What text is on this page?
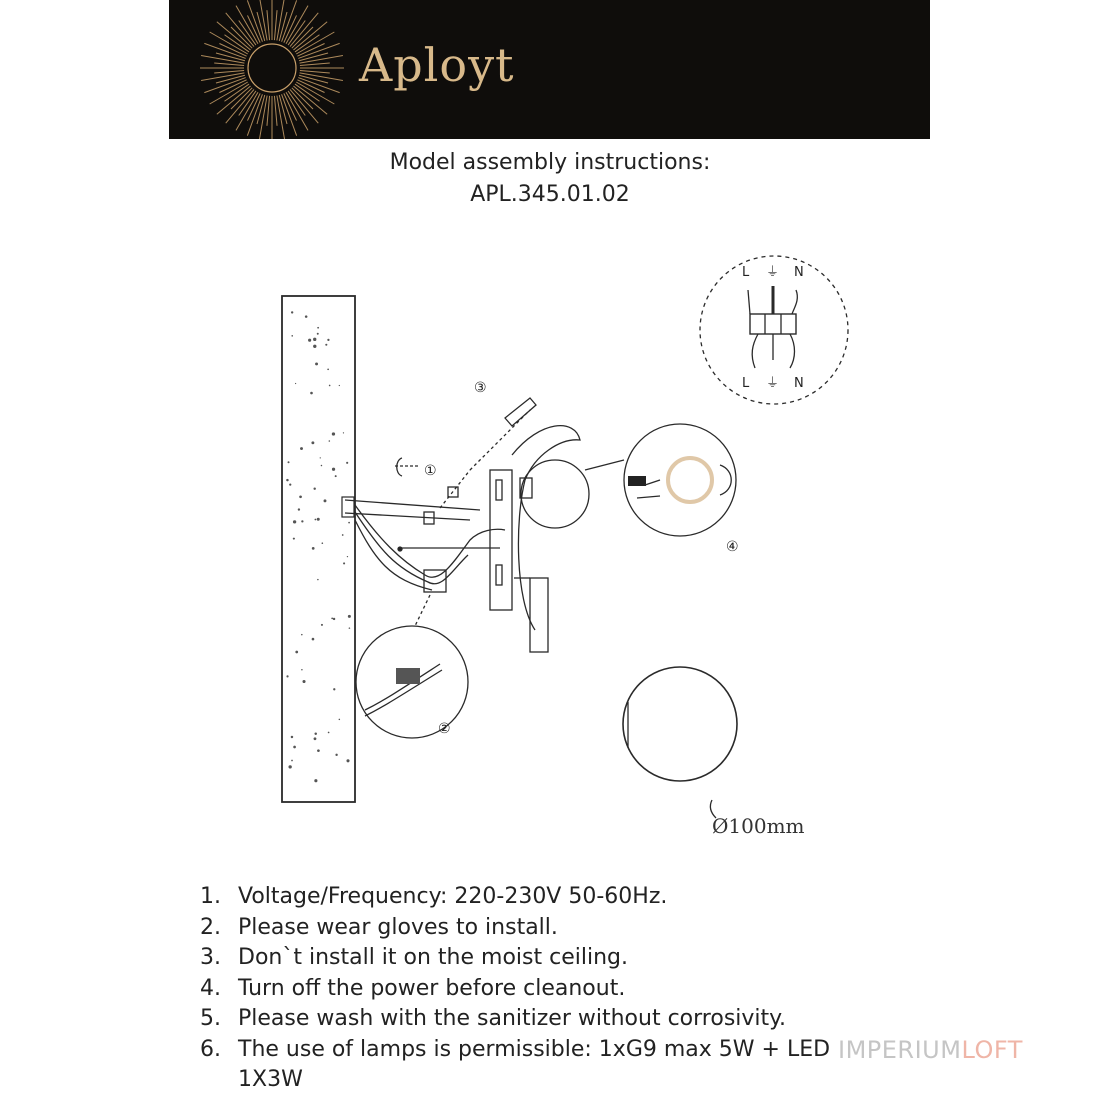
Aployt
Model assembly instructions:
APL.345.01.02
L ⏚ N
L ⏚ N
①
②
③
④
Ø100mm
1. Voltage/Frequency: 220-230V 50-60Hz.
2. Please wear gloves to install.
3. Don`t install it on the moist ceiling.
4. Turn off the power before cleanout.
5. Please wash with the sanitizer without corrosivity.
6. The use of lamps is permissible: 1xG9 max 5W + LED 1X3W
IMPERIUMLOFT
